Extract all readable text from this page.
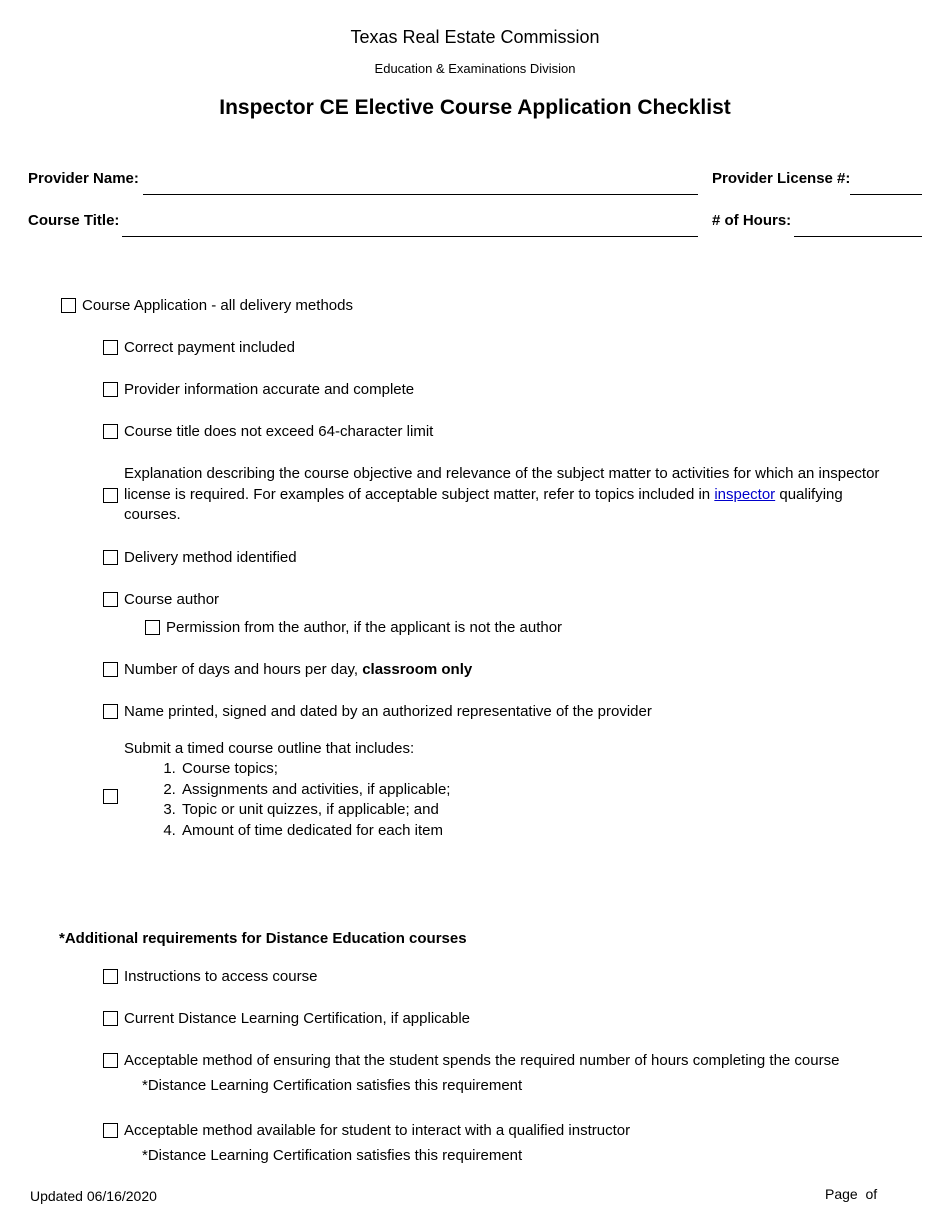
Texas Real Estate Commission
Education & Examinations Division
Inspector CE Elective Course Application Checklist
Provider Name:	Provider License #:
Course Title:	# of Hours:
Course Application - all delivery methods
Correct payment included
Provider information accurate and complete
Course title does not exceed 64-character limit
Explanation describing the course objective and relevance of the subject matter to activities for which an inspector license is required. For examples of acceptable subject matter, refer to topics included in inspector qualifying courses.
Delivery method identified
Course author
Permission from the author, if the applicant is not the author
Number of days and hours per day, classroom only
Name printed, signed and dated by an authorized representative of the provider
Submit a timed course outline that includes:
1. Course topics;
2. Assignments and activities, if applicable;
3. Topic or unit quizzes, if applicable; and
4. Amount of time dedicated for each item
*Additional requirements for Distance Education courses
Instructions to access course
Current Distance Learning Certification, if applicable
Acceptable method of ensuring that the student spends the required number of hours completing the course
*Distance Learning Certification satisfies this requirement
Acceptable method available for student to interact with a qualified instructor
*Distance Learning Certification satisfies this requirement
Updated 06/16/2020	Page of
